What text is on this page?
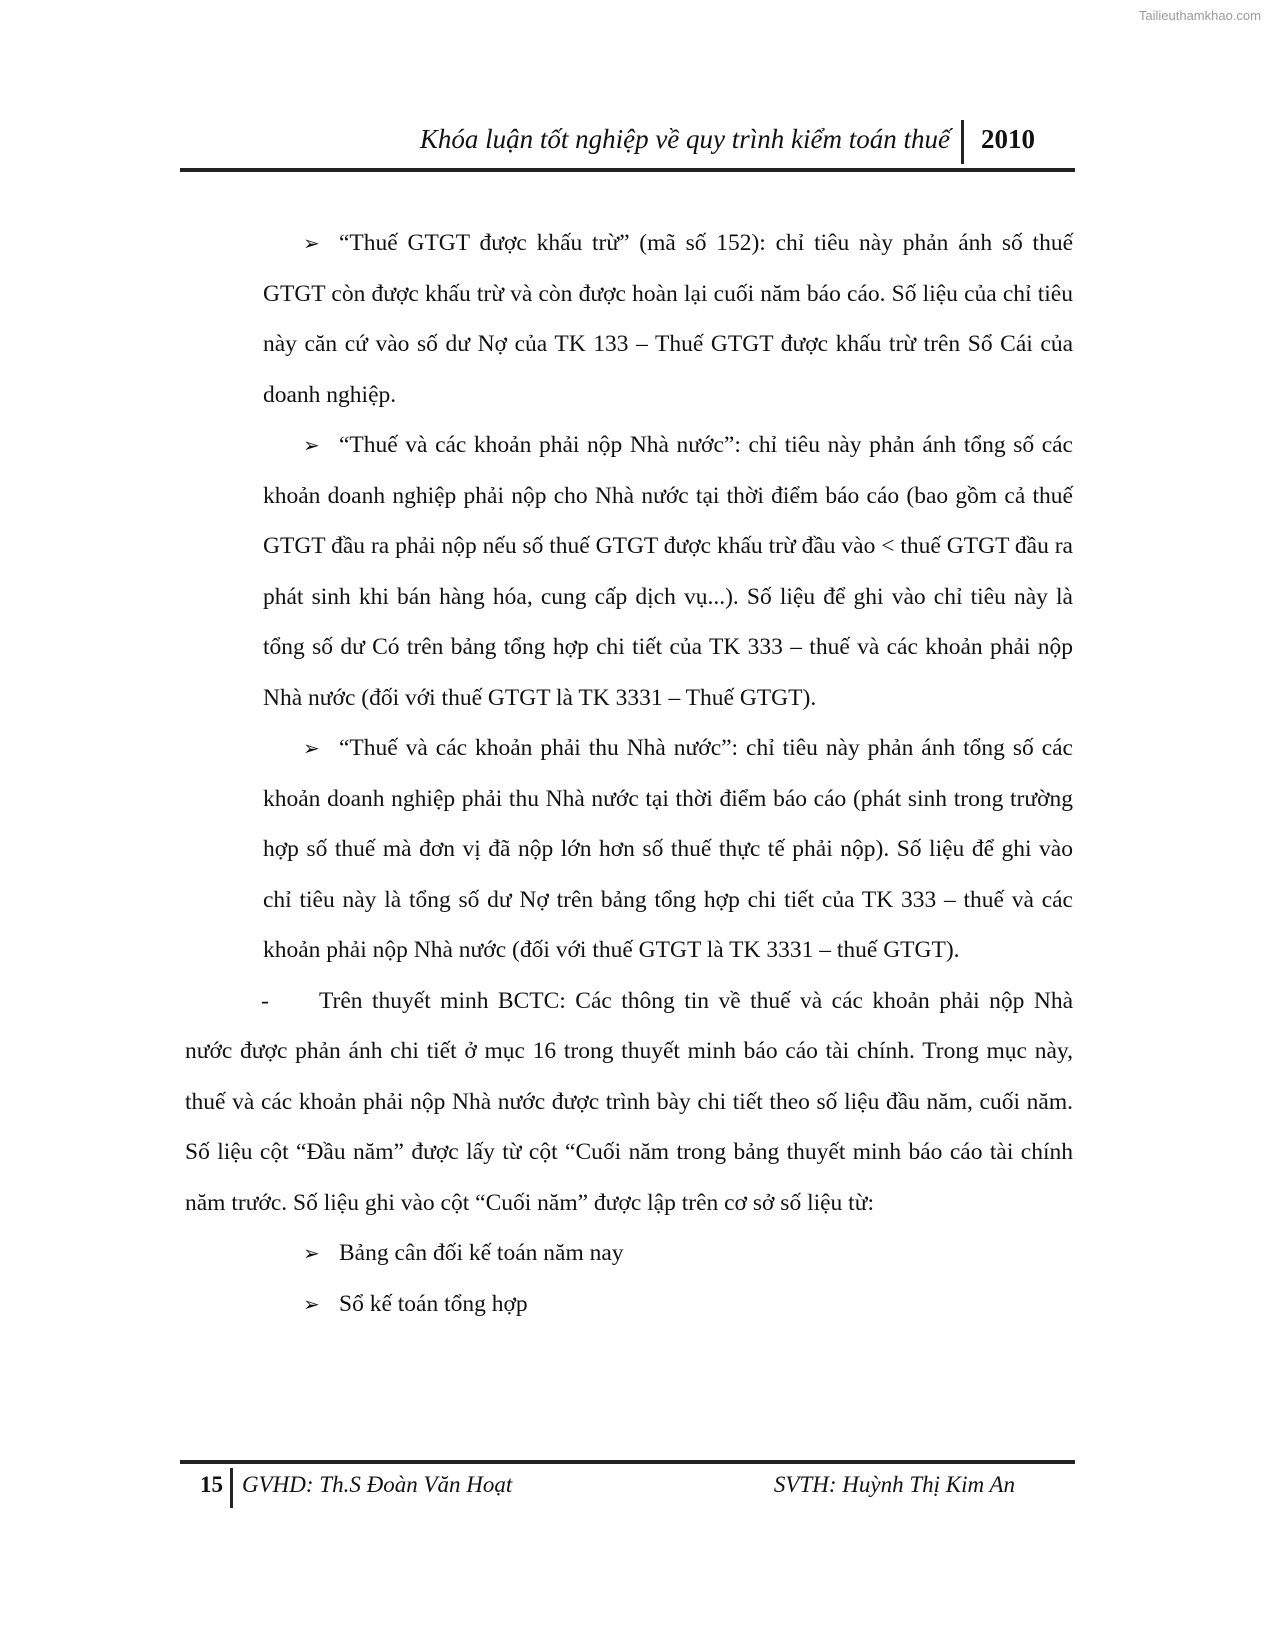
Tailieuthamkhao.com
Khóa luận tốt nghiệp về quy trình kiểm toán thuế 2010

➢ “Thuế GTGT được khấu trừ” (mã số 152): chỉ tiêu này phản ánh số thuế GTGT còn được khấu trừ và còn được hoàn lại cuối năm báo cáo. Số liệu của chỉ tiêu này căn cứ vào số dư Nợ của TK 133 – Thuế GTGT được khấu trừ trên Sổ Cái của doanh nghiệp.

➢ “Thuế và các khoản phải nộp Nhà nước”: chỉ tiêu này phản ánh tổng số các khoản doanh nghiệp phải nộp cho Nhà nước tại thời điểm báo cáo (bao gồm cả thuế GTGT đầu ra phải nộp nếu số thuế GTGT được khấu trừ đầu vào < thuế GTGT đầu ra phát sinh khi bán hàng hóa, cung cấp dịch vụ...). Số liệu để ghi vào chỉ tiêu này là tổng số dư Có trên bảng tổng hợp chi tiết của TK 333 – thuế và các khoản phải nộp Nhà nước (đối với thuế GTGT là TK 3331 – Thuế GTGT).

➢ “Thuế và các khoản phải thu Nhà nước”: chỉ tiêu này phản ánh tổng số các khoản doanh nghiệp phải thu Nhà nước tại thời điểm báo cáo (phát sinh trong trường hợp số thuế mà đơn vị đã nộp lớn hơn số thuế thực tế phải nộp). Số liệu để ghi vào chỉ tiêu này là tổng số dư Nợ trên bảng tổng hợp chi tiết của TK 333 – thuế và các khoản phải nộp Nhà nước (đối với thuế GTGT là TK 3331 – thuế GTGT).

- Trên thuyết minh BCTC: Các thông tin về thuế và các khoản phải nộp Nhà nước được phản ánh chi tiết ở mục 16 trong thuyết minh báo cáo tài chính. Trong mục này, thuế và các khoản phải nộp Nhà nước được trình bày chi tiết theo số liệu đầu năm, cuối năm. Số liệu cột “Đầu năm” được lấy từ cột “Cuối năm trong bảng thuyết minh báo cáo tài chính năm trước. Số liệu ghi vào cột “Cuối năm” được lập trên cơ sở số liệu từ:

➢ Bảng cân đối kế toán năm nay

➢ Sổ kế toán tổng hợp

15 GVHD: Th.S Đoàn Văn Hoạt	SVTH: Huỳnh Thị Kim An
